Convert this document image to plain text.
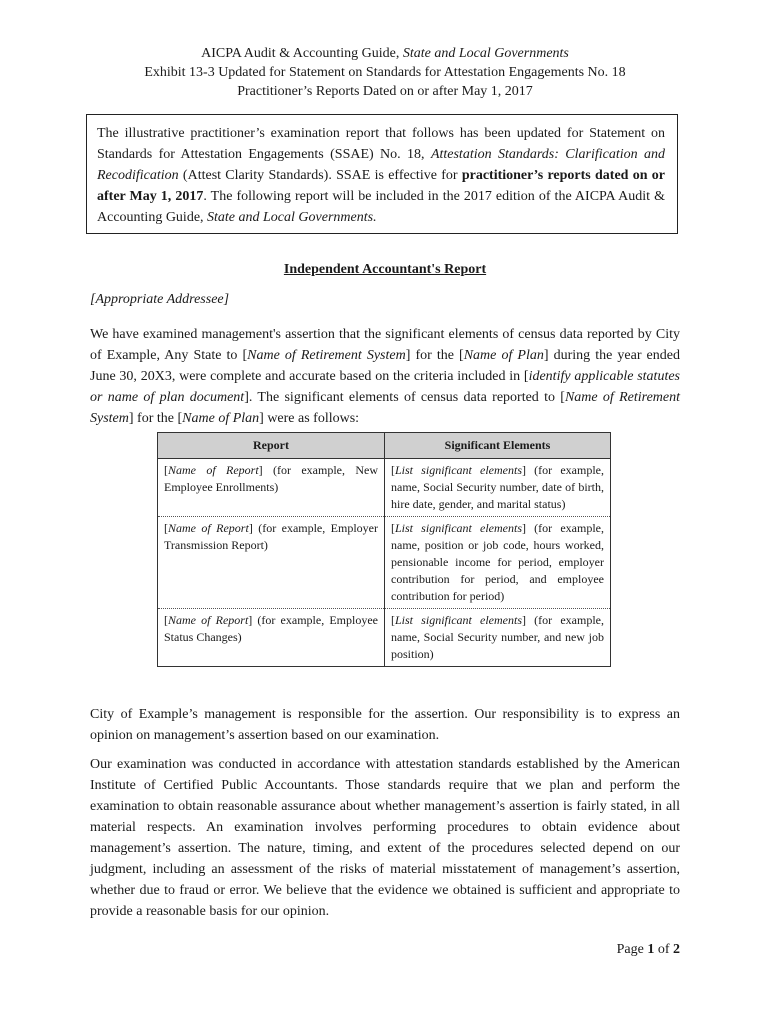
AICPA Audit & Accounting Guide, State and Local Governments
Exhibit 13-3 Updated for Statement on Standards for Attestation Engagements No. 18
Practitioner’s Reports Dated on or after May 1, 2017
The illustrative practitioner’s examination report that follows has been updated for Statement on Standards for Attestation Engagements (SSAE) No. 18, Attestation Standards: Clarification and Recodification (Attest Clarity Standards). SSAE is effective for practitioner’s reports dated on or after May 1, 2017. The following report will be included in the 2017 edition of the AICPA Audit & Accounting Guide, State and Local Governments.
Independent Accountant's Report
[Appropriate Addressee]
We have examined management's assertion that the significant elements of census data reported by City of Example, Any State to [Name of Retirement System] for the [Name of Plan] during the year ended June 30, 20X3, were complete and accurate based on the criteria included in [identify applicable statutes or name of plan document]. The significant elements of census data reported to [Name of Retirement System] for the [Name of Plan] were as follows:
Report	Significant Elements
[Name of Report] (for example, New Employee Enrollments)	[List significant elements] (for example, name, Social Security number, date of birth, hire date, gender, and marital status)
[Name of Report] (for example, Employer Transmission Report)	[List significant elements] (for example, name, position or job code, hours worked, pensionable income for period, employer contribution for period, and employee contribution for period)
[Name of Report] (for example, Employee Status Changes)	[List significant elements] (for example, name, Social Security number, and new job position)
City of Example’s management is responsible for the assertion. Our responsibility is to express an opinion on management’s assertion based on our examination.
Our examination was conducted in accordance with attestation standards established by the American Institute of Certified Public Accountants. Those standards require that we plan and perform the examination to obtain reasonable assurance about whether management’s assertion is fairly stated, in all material respects. An examination involves performing procedures to obtain evidence about management’s assertion. The nature, timing, and extent of the procedures selected depend on our judgment, including an assessment of the risks of material misstatement of management’s assertion, whether due to fraud or error. We believe that the evidence we obtained is sufficient and appropriate to provide a reasonable basis for our opinion.
Page 1 of 2
